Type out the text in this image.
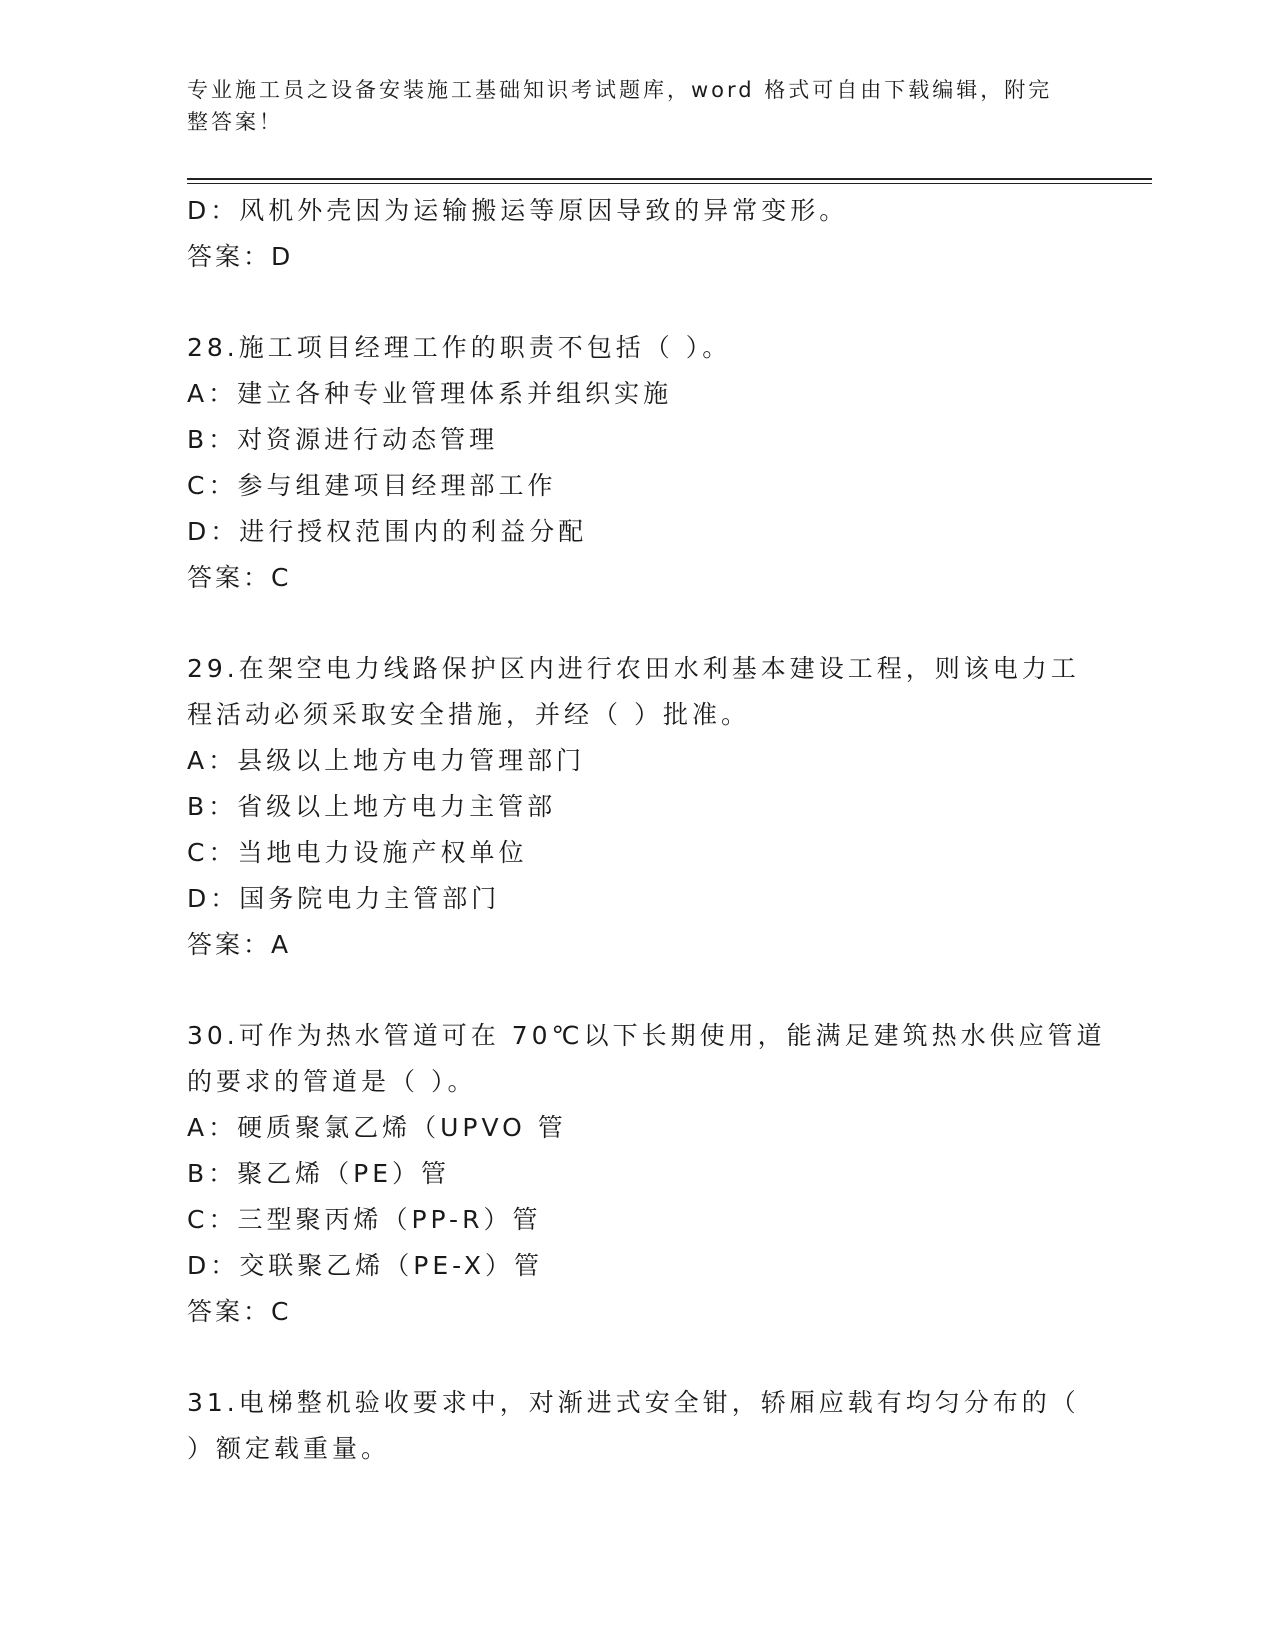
专业施工员之设备安装施工基础知识考试题库，word 格式可自由下载编辑，附完
整答案！
D：风机外壳因为运输搬运等原因导致的异常变形。
答案：D
28.施工项目经理工作的职责不包括（ ）。
A：建立各种专业管理体系并组织实施
B：对资源进行动态管理
C：参与组建项目经理部工作
D：进行授权范围内的利益分配
答案：C
29.在架空电力线路保护区内进行农田水利基本建设工程，则该电力工
程活动必须采取安全措施，并经（ ）批准。
A：县级以上地方电力管理部门
B：省级以上地方电力主管部
C：当地电力设施产权单位
D：国务院电力主管部门
答案：A
30.可作为热水管道可在 70℃以下长期使用，能满足建筑热水供应管道
的要求的管道是（ ）。
A：硬质聚氯乙烯（UPVO 管
B：聚乙烯（PE）管
C：三型聚丙烯（PP-R）管
D：交联聚乙烯（PE-X）管
答案：C
31.电梯整机验收要求中，对渐进式安全钳，轿厢应载有均匀分布的（
）额定载重量。
